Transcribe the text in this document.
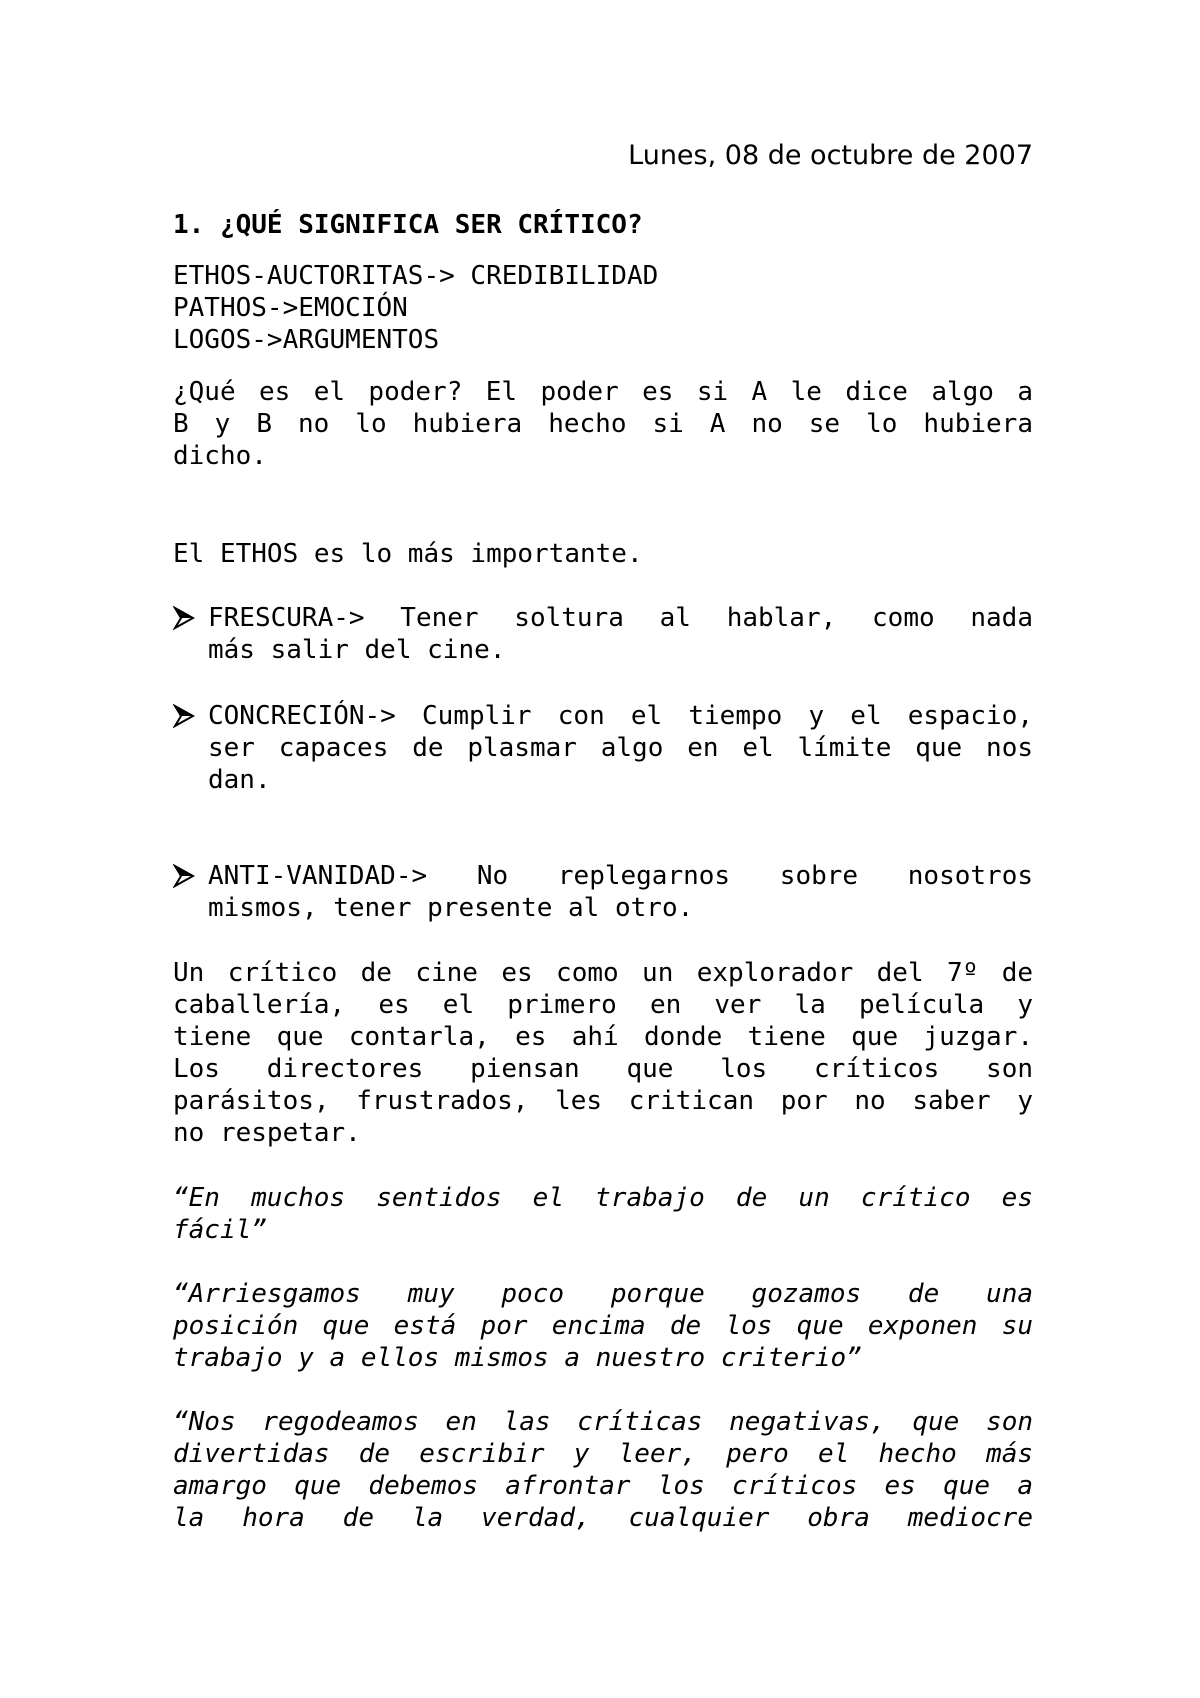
Lunes, 08 de octubre de 2007
1. ¿QUÉ SIGNIFICA SER CRÍTICO?
ETHOS-AUCTORITAS-> CREDIBILIDAD
PATHOS->EMOCIÓN
LOGOS->ARGUMENTOS
¿Qué es el poder? El poder es si A le dice algo a
B y B no lo hubiera hecho si A no se lo hubiera
dicho.
El ETHOS es lo más importante.
FRESCURA-> Tener soltura al hablar, como nada
más salir del cine.
CONCRECIÓN-> Cumplir con el tiempo y el espacio,
ser capaces de plasmar algo en el límite que nos
dan.
ANTI-VANIDAD-> No replegarnos sobre nosotros
mismos, tener presente al otro.
Un crítico de cine es como un explorador del 7º de
caballería, es el primero en ver la película y
tiene que contarla, es ahí donde tiene que juzgar.
Los directores piensan que los críticos son
parásitos, frustrados, les critican por no saber y
no respetar.
“En muchos sentidos el trabajo de un crítico es
fácil”
“Arriesgamos muy poco porque gozamos de una
posición que está por encima de los que exponen su
trabajo y a ellos mismos a nuestro criterio”
“Nos regodeamos en las críticas negativas, que son
divertidas de escribir y leer, pero el hecho más
amargo que debemos afrontar los críticos es que a
la hora de la verdad, cualquier obra mediocre
